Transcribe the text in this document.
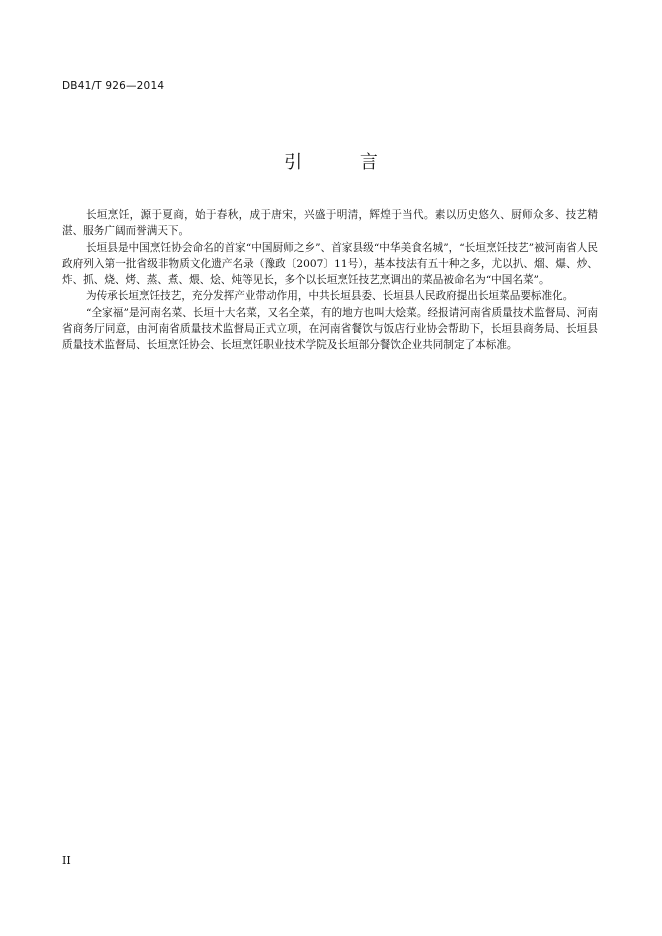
DB41/T 926—2014
引 言

长垣烹饪，源于夏商，始于春秋，成于唐宋，兴盛于明清，辉煌于当代。素以历史悠久、厨师众多、技艺精湛、服务广阔而誉满天下。

长垣县是中国烹饪协会命名的首家“中国厨师之乡”、首家县级“中华美食名城”，“长垣烹饪技艺”被河南省人民政府列入第一批省级非物质文化遗产名录（豫政〔2007〕11号），基本技法有五十种之多，尤以扒、熘、爆、炒、炸、抓、烧、烤、蒸、煮、煨、烩、炖等见长，多个以长垣烹饪技艺烹调出的菜品被命名为“中国名菜”。

为传承长垣烹饪技艺，充分发挥产业带动作用，中共长垣县委、长垣县人民政府提出长垣菜品要标准化。

“全家福”是河南名菜、长垣十大名菜，又名全菜，有的地方也叫大烩菜。经报请河南省质量技术监督局、河南省商务厅同意，由河南省质量技术监督局正式立项，在河南省餐饮与饭店行业协会帮助下，长垣县商务局、长垣县质量技术监督局、长垣烹饪协会、长垣烹饪职业技术学院及长垣部分餐饮企业共同制定了本标准。

II
